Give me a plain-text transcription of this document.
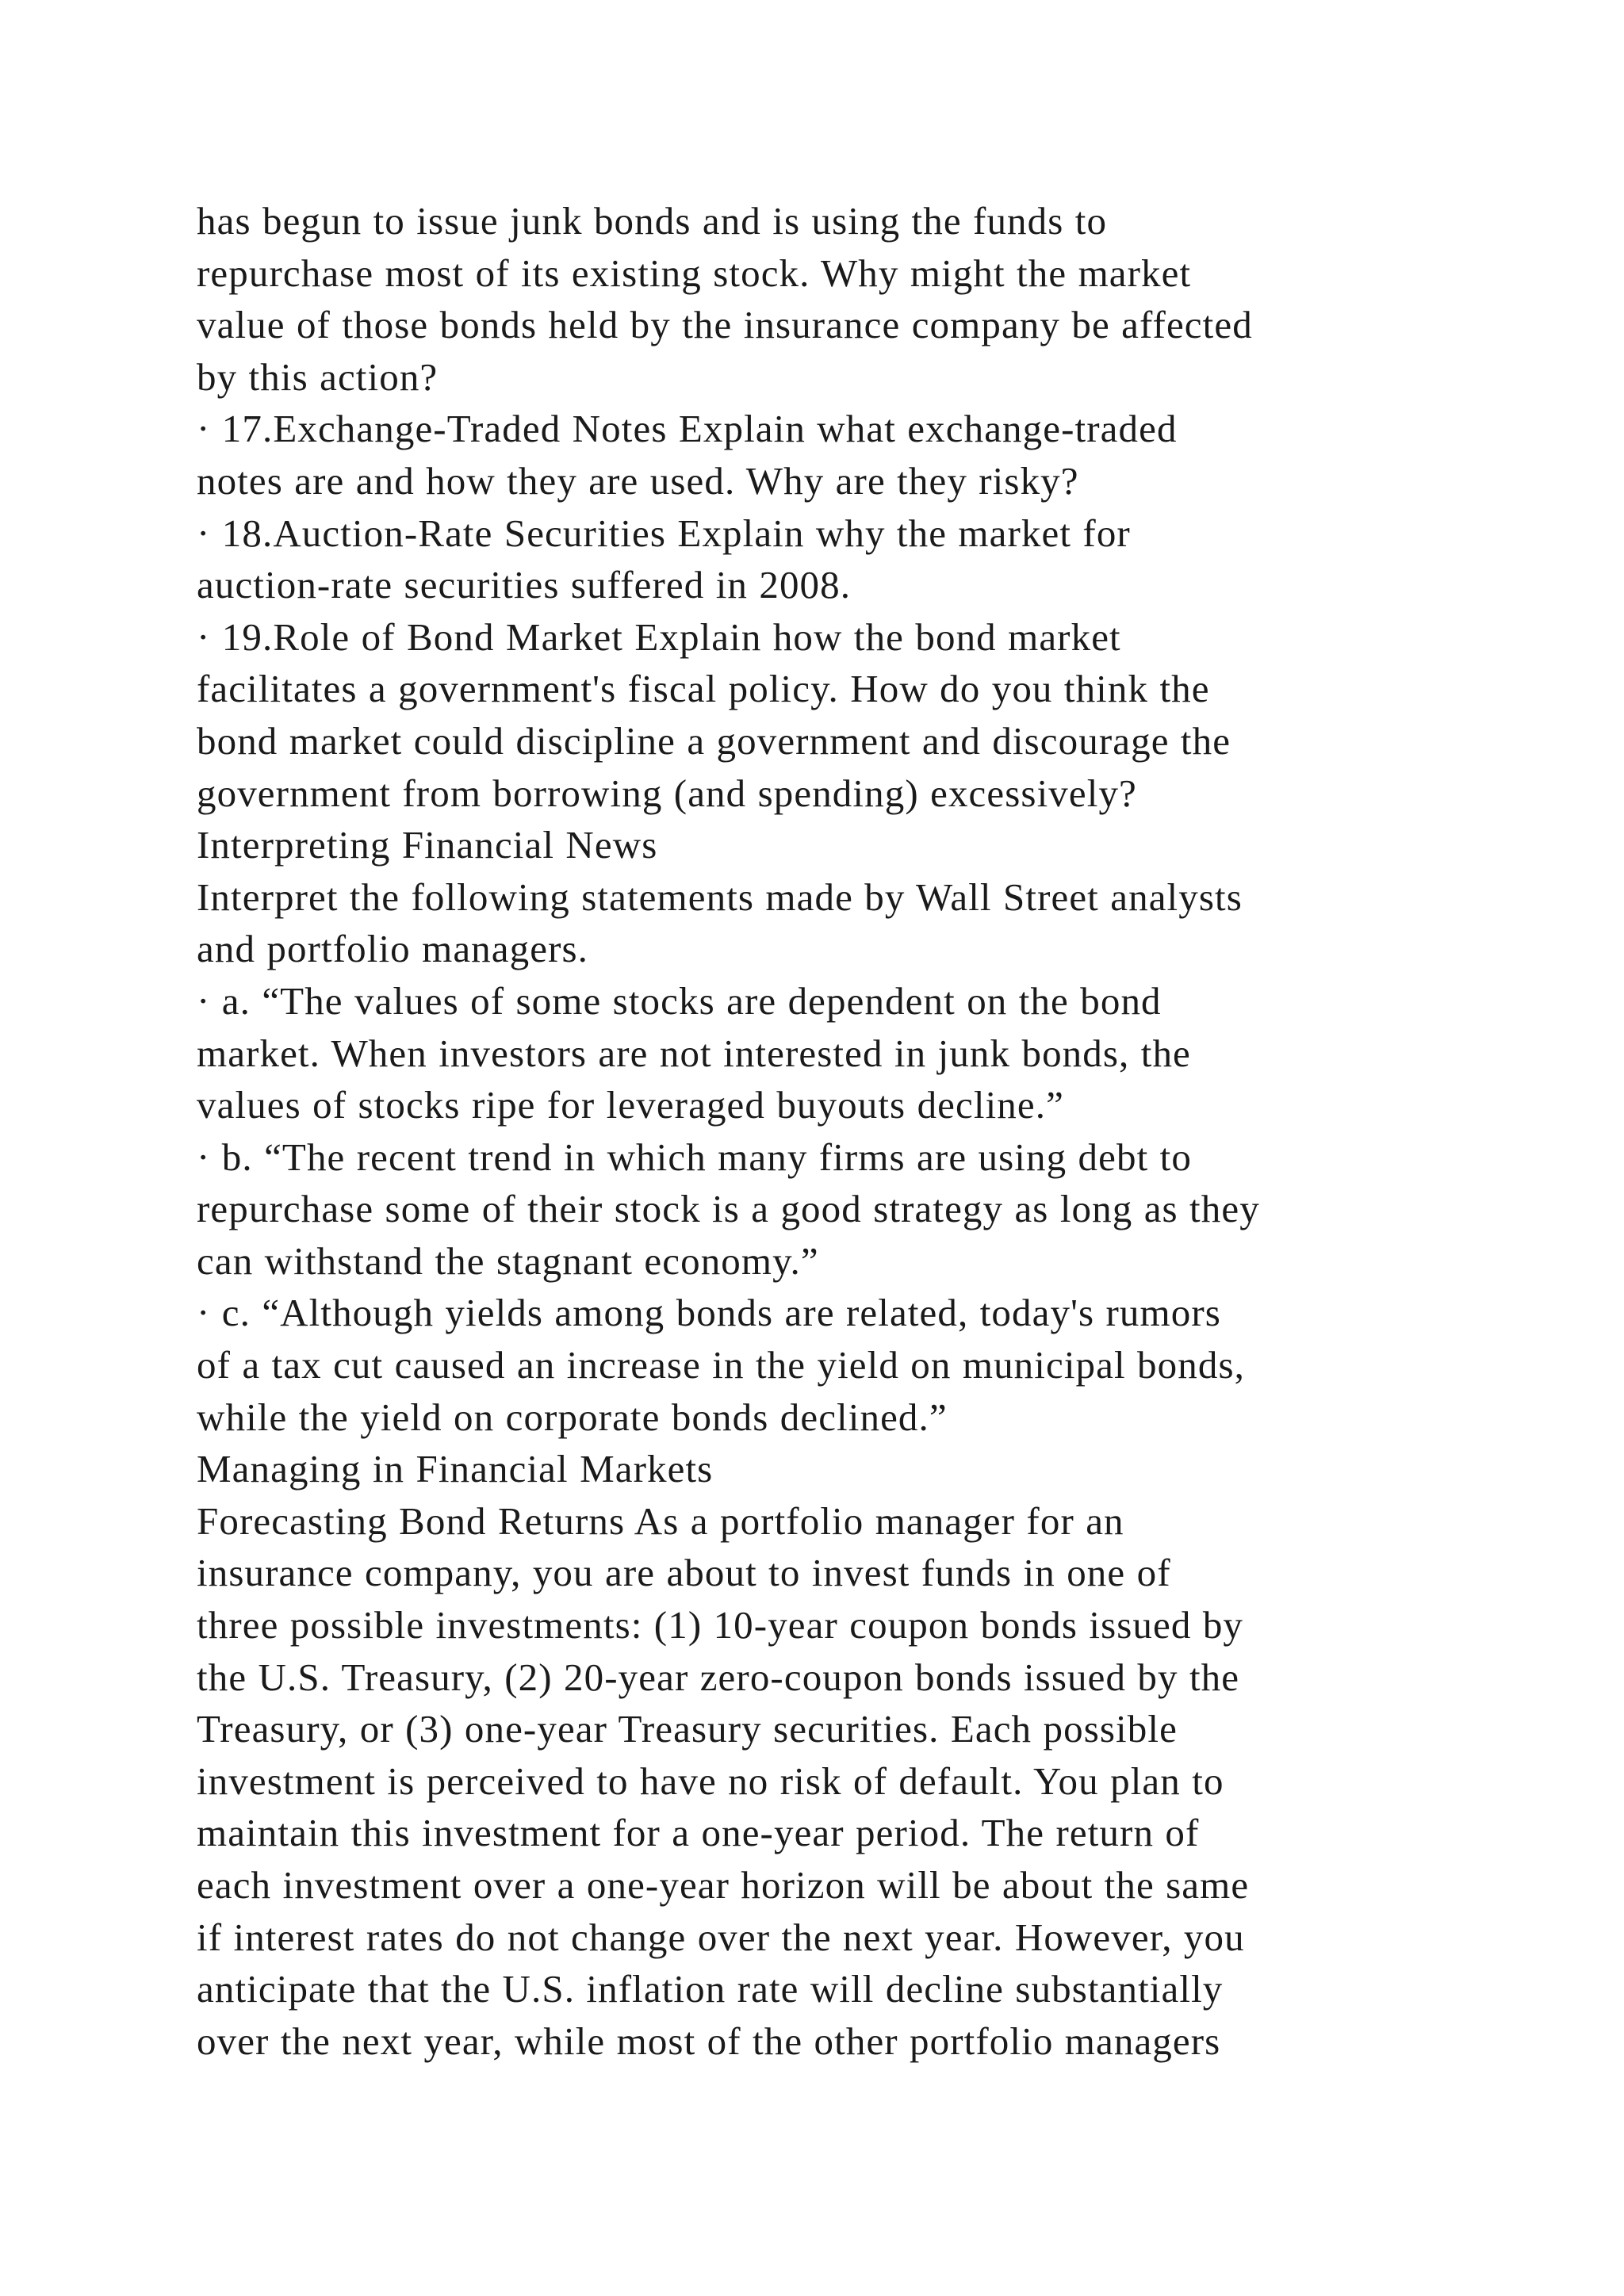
has begun to issue junk bonds and is using the funds to
repurchase most of its existing stock. Why might the market
value of those bonds held by the insurance company be affected
by this action?
· 17.Exchange-Traded Notes Explain what exchange-traded
notes are and how they are used. Why are they risky?
· 18.Auction-Rate Securities Explain why the market for
auction-rate securities suffered in 2008.
· 19.Role of Bond Market Explain how the bond market
facilitates a government's fiscal policy. How do you think the
bond market could discipline a government and discourage the
government from borrowing (and spending) excessively?
Interpreting Financial News
Interpret the following statements made by Wall Street analysts
and portfolio managers.
· a. “The values of some stocks are dependent on the bond
market. When investors are not interested in junk bonds, the
values of stocks ripe for leveraged buyouts decline.”
· b. “The recent trend in which many firms are using debt to
repurchase some of their stock is a good strategy as long as they
can withstand the stagnant economy.”
· c. “Although yields among bonds are related, today's rumors
of a tax cut caused an increase in the yield on municipal bonds,
while the yield on corporate bonds declined.”
Managing in Financial Markets
Forecasting Bond Returns As a portfolio manager for an
insurance company, you are about to invest funds in one of
three possible investments: (1) 10-year coupon bonds issued by
the U.S. Treasury, (2) 20-year zero-coupon bonds issued by the
Treasury, or (3) one-year Treasury securities. Each possible
investment is perceived to have no risk of default. You plan to
maintain this investment for a one-year period. The return of
each investment over a one-year horizon will be about the same
if interest rates do not change over the next year. However, you
anticipate that the U.S. inflation rate will decline substantially
over the next year, while most of the other portfolio managers
